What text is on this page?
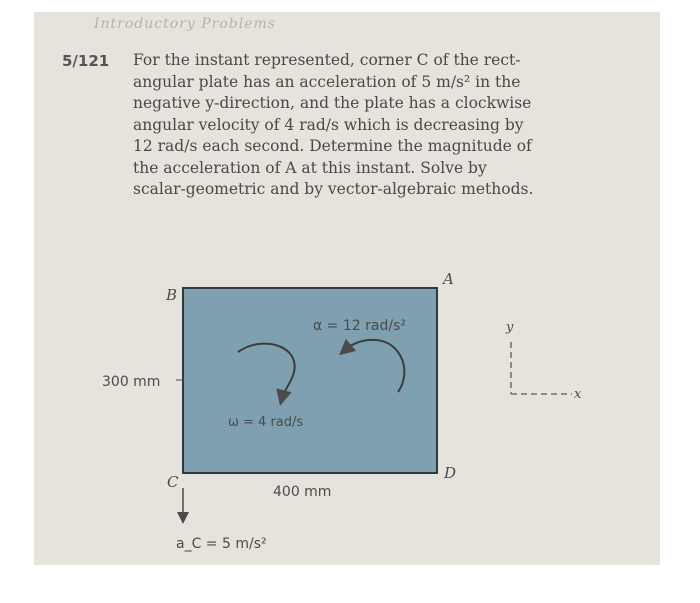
Introductory Problems
5/121 For the instant represented, corner C of the rect-

angular plate has an acceleration of 5 m/s² in the

negative y-direction, and the plate has a clockwise

angular velocity of 4 rad/s which is decreasing by

12 rad/s each second. Determine the magnitude of

the acceleration of A at this instant. Solve by

scalar-geometric and by vector-algebraic methods.

B
A
C	D
300 mm
400 mm
α = 12 rad/s²
ω = 4 rad/s
a_C = 5 m/s²
y
x
